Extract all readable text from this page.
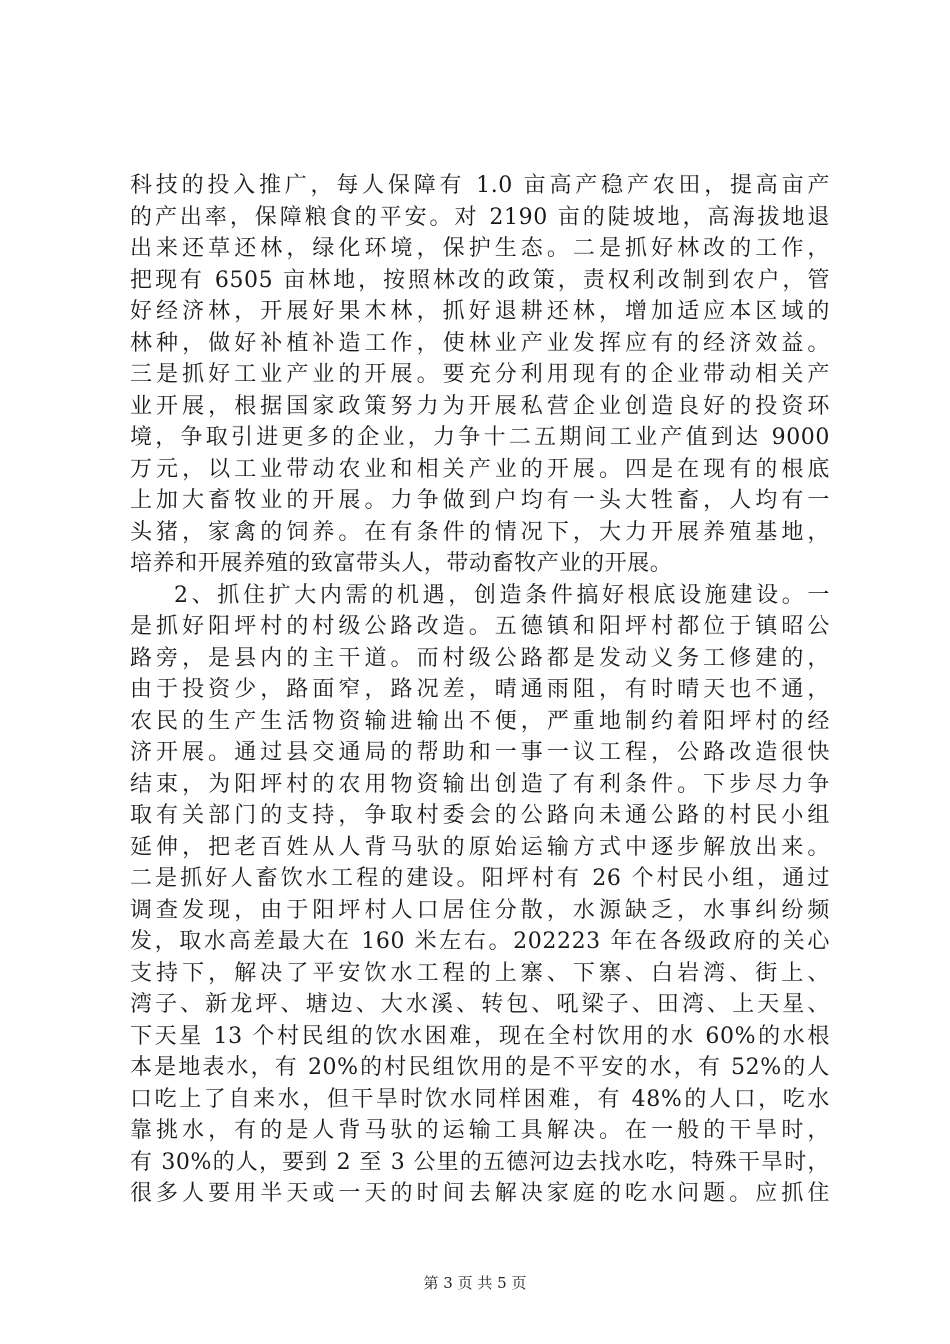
科技的投入推广，每人保障有 1.0 亩高产稳产农田，提高亩产
的产出率，保障粮食的平安。对 2190 亩的陡坡地，高海拔地退
出来还草还林，绿化环境，保护生态。二是抓好林改的工作，
把现有 6505 亩林地，按照林改的政策，责权利改制到农户，管
好经济林，开展好果木林，抓好退耕还林，增加适应本区域的
林种，做好补植补造工作，使林业产业发挥应有的经济效益。
三是抓好工业产业的开展。要充分利用现有的企业带动相关产
业开展，根据国家政策努力为开展私营企业创造良好的投资环
境，争取引进更多的企业，力争十二五期间工业产值到达 9000
万元，以工业带动农业和相关产业的开展。四是在现有的根底
上加大畜牧业的开展。力争做到户均有一头大牲畜，人均有一
头猪，家禽的饲养。在有条件的情况下，大力开展养殖基地，
培养和开展养殖的致富带头人，带动畜牧产业的开展。
2、抓住扩大内需的机遇，创造条件搞好根底设施建设。一
是抓好阳坪村的村级公路改造。五德镇和阳坪村都位于镇昭公
路旁，是县内的主干道。而村级公路都是发动义务工修建的，
由于投资少，路面窄，路况差，晴通雨阻，有时晴天也不通，
农民的生产生活物资输进输出不便，严重地制约着阳坪村的经
济开展。通过县交通局的帮助和一事一议工程，公路改造很快
结束，为阳坪村的农用物资输出创造了有利条件。下步尽力争
取有关部门的支持，争取村委会的公路向未通公路的村民小组
延伸，把老百姓从人背马驮的原始运输方式中逐步解放出来。
二是抓好人畜饮水工程的建设。阳坪村有 26 个村民小组，通过
调查发现，由于阳坪村人口居住分散，水源缺乏，水事纠纷频
发，取水高差最大在 160 米左右。202223 年在各级政府的关心
支持下，解决了平安饮水工程的上寨、下寨、白岩湾、街上、
湾子、新龙坪、塘边、大水溪、转包、吼梁子、田湾、上天星、
下天星 13 个村民组的饮水困难，现在全村饮用的水 60%的水根
本是地表水，有 20%的村民组饮用的是不平安的水，有 52%的人
口吃上了自来水，但干旱时饮水同样困难，有 48%的人口，吃水
靠挑水，有的是人背马驮的运输工具解决。在一般的干旱时，
有 30%的人，要到 2 至 3 公里的五德河边去找水吃，特殊干旱时，
很多人要用半天或一天的时间去解决家庭的吃水问题。应抓住
第 3 页 共 5 页
